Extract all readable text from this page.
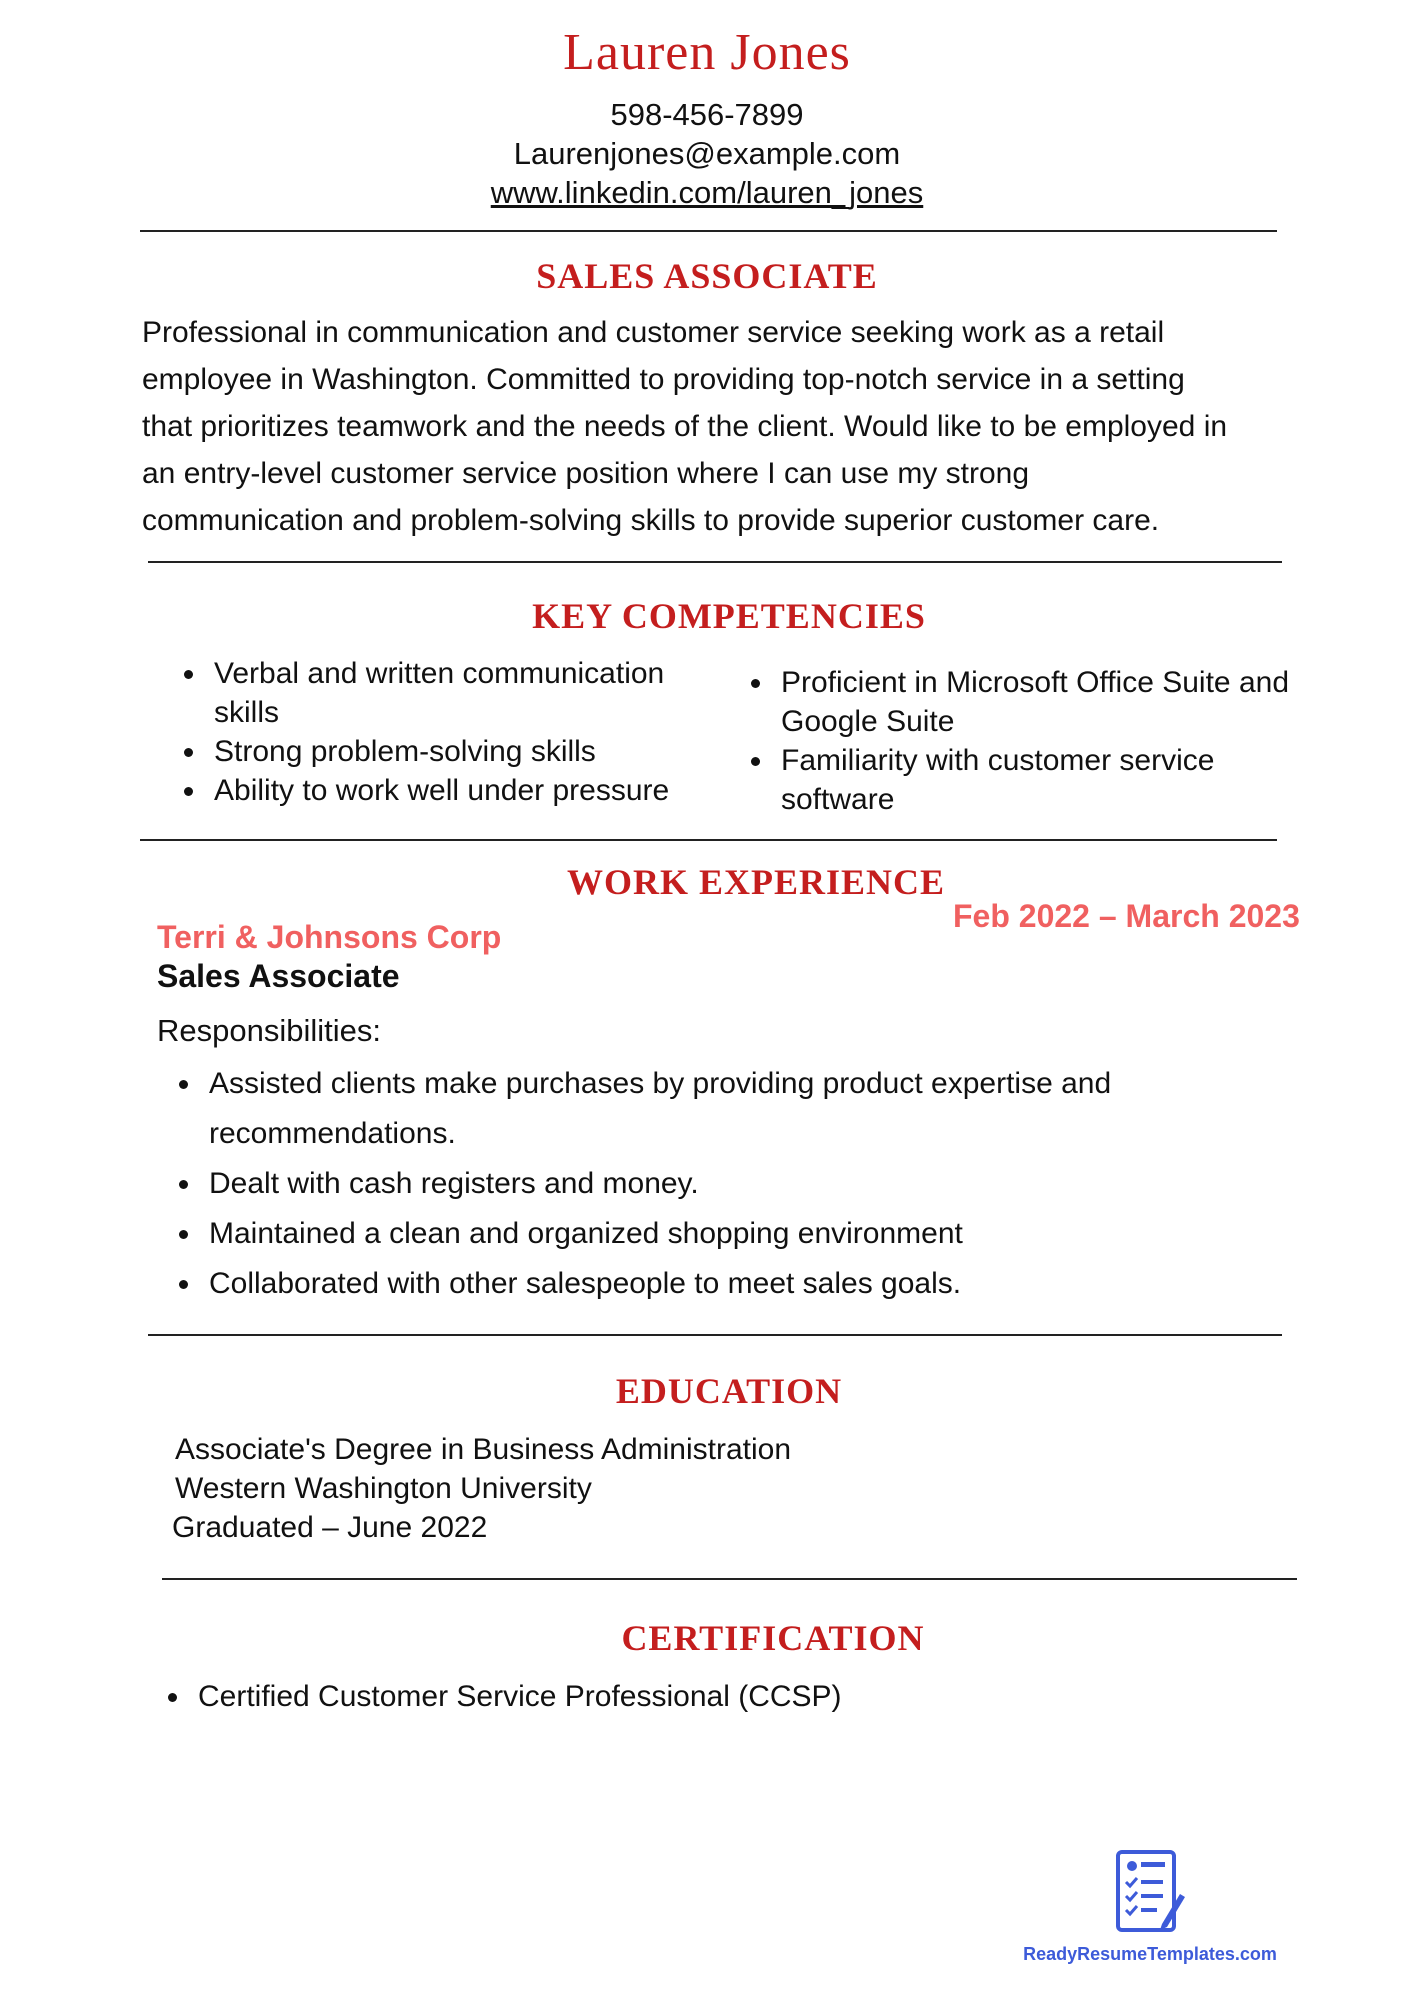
Lauren Jones
598-456-7899
Laurenjones@example.com
www.linkedin.com/lauren_jones
SALES ASSOCIATE
Professional in communication and customer service seeking work as a retail
employee in Washington. Committed to providing top-notch service in a setting
that prioritizes teamwork and the needs of the client. Would like to be employed in
an entry-level customer service position where I can use my strong
communication and problem-solving skills to provide superior customer care.
KEY COMPETENCIES
Verbal and written communication skills
Strong problem-solving skills
Ability to work well under pressure
Proficient in Microsoft Office Suite and Google Suite
Familiarity with customer service software
WORK EXPERIENCE
Feb 2022 – March 2023
Terri & Johnsons Corp
Sales Associate
Responsibilities:
Assisted clients make purchases by providing product expertise and recommendations.
Dealt with cash registers and money.
Maintained a clean and organized shopping environment
Collaborated with other salespeople to meet sales goals.
EDUCATION
Associate's Degree in Business Administration
Western Washington University
Graduated – June 2022
CERTIFICATION
Certified Customer Service Professional (CCSP)
ReadyResumeTemplates.com
